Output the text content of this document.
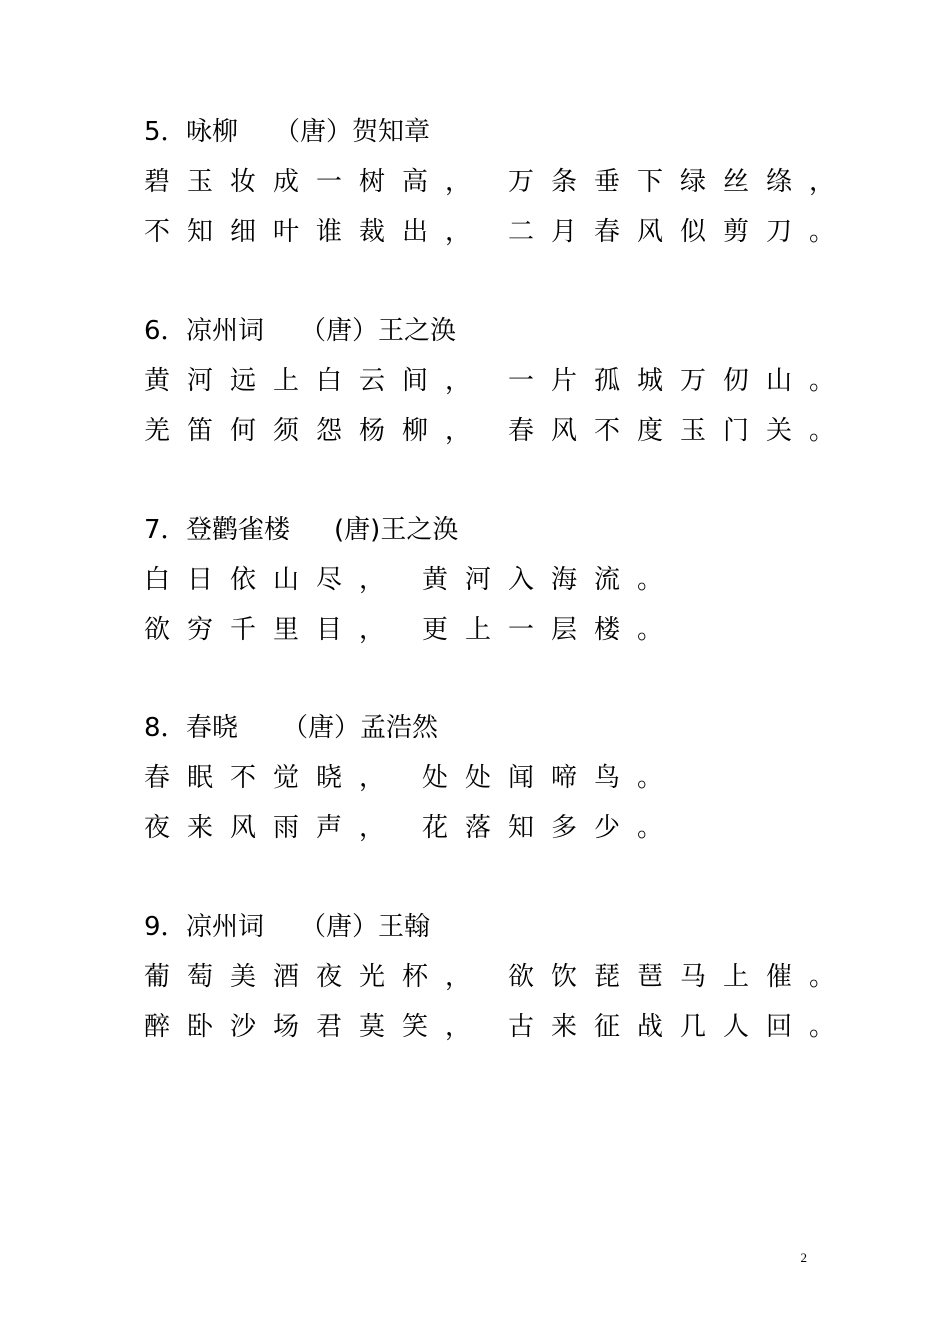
5．咏柳 （唐）贺知章
碧玉妆成一树高， 万条垂下绿丝绦，
不知细叶谁裁出， 二月春风似剪刀。
6．凉州词 （唐）王之涣
黄河远上白云间， 一片孤城万仞山。
羌笛何须怨杨柳， 春风不度玉门关。
7．登鹳雀楼 (唐)王之涣
白日依山尽， 黄河入海流。
欲穷千里目， 更上一层楼。
8．春晓 （唐）孟浩然
春眠不觉晓， 处处闻啼鸟。
夜来风雨声， 花落知多少。
9．凉州词 （唐）王翰
葡萄美酒夜光杯， 欲饮琵琶马上催。
醉卧沙场君莫笑， 古来征战几人回。
2
